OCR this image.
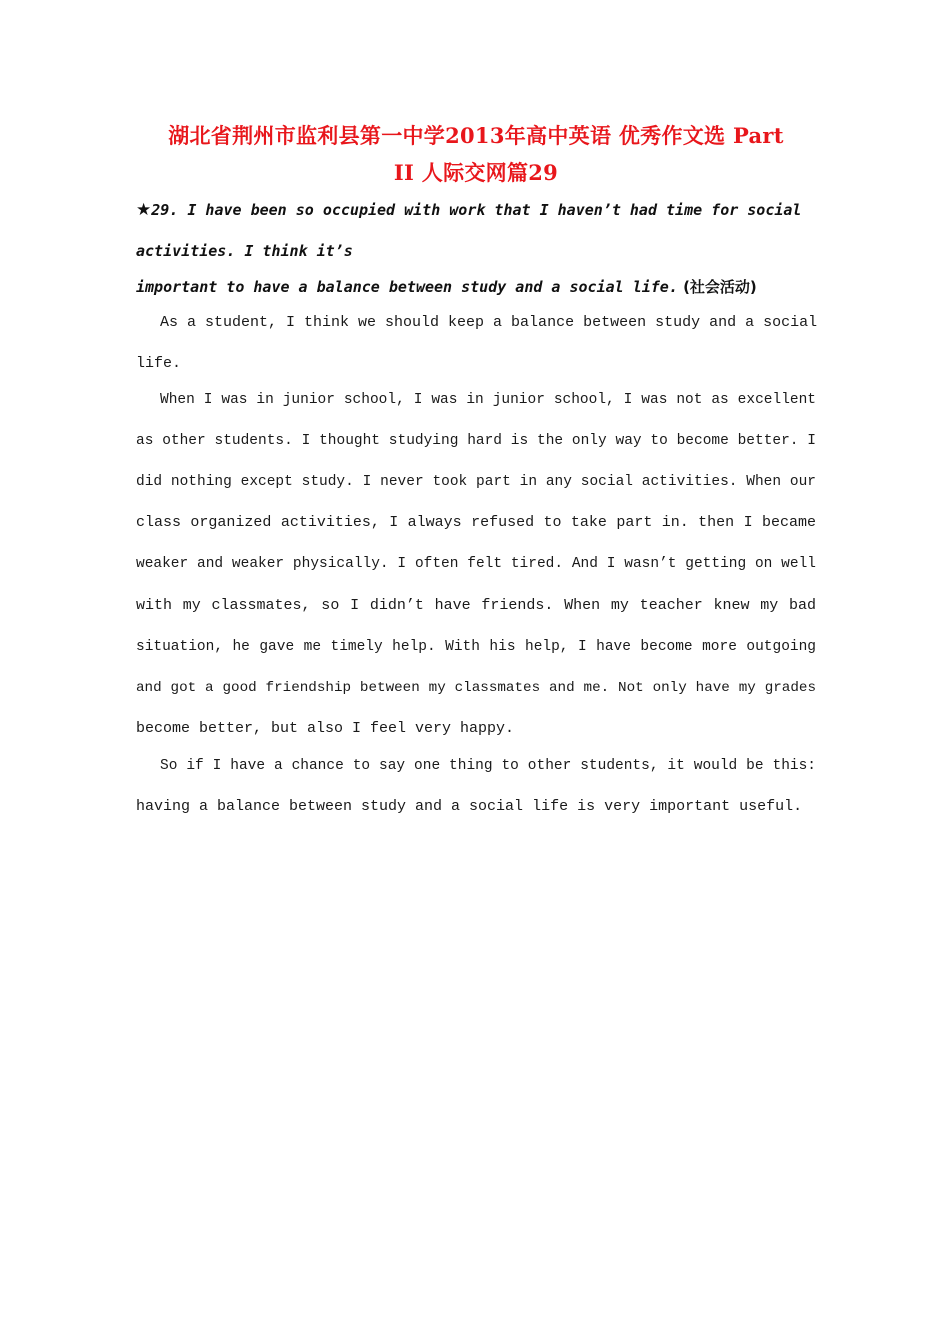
湖北省荆州市监利县第一中学2013年高中英语 优秀作文选 Part
II 人际交网篇29
★29. I have been so occupied with work that I haven’t had time for social
activities. I think it’s
important to have a balance between study and a social life. (社会活动)
As a student, I think we should keep a balance between study and a social
life.
When I was in junior school, I was in junior school, I was not as excellent
as other students. I thought studying hard is the only way to become better. I
did nothing except study. I never took part in any social activities. When our
class organized activities, I always refused to take part in. then I became
weaker and weaker physically. I often felt tired. And I wasn’t getting on well
with my classmates, so I didn’t have friends. When my teacher knew my bad
situation, he gave me timely help. With his help, I have become more outgoing
and got a good friendship between my classmates and me. Not only have my grades
become better, but also I feel very happy.
So if I have a chance to say one thing to other students, it would be this:
having a balance between study and a social life is very important useful.
